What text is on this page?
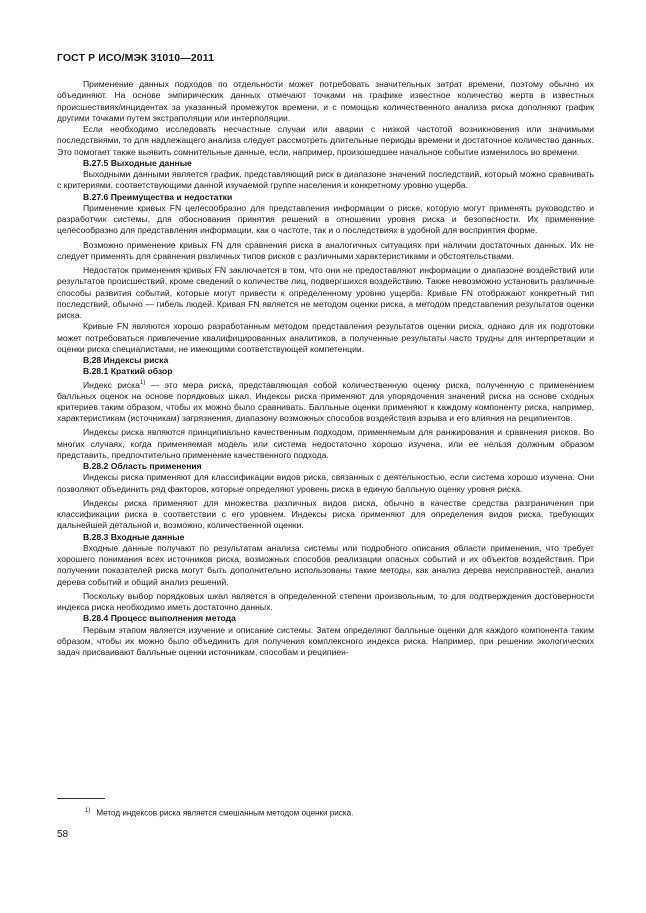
ГОСТ Р ИСО/МЭК 31010—2011

Применение данных подходов по отдельности может потребовать значительных затрат времени, поэтому обычно их объединяют. На основе эмпирических данных отмечают точками на графике известное количество жертв в известных происшествиях/инцидентах за указанный промежуток времени, и с помощью количественного анализа риска дополняют график другими точками путем экстраполяции или интерполяции.

Если необходимо исследовать несчастные случаи или аварии с низкой частотой возникновения или значимыми последствиями, то для надлежащего анализа следует рассмотреть длительные периоды времени и достаточное количество данных. Это помогает также выявить сомнительные данные, если, например, произошедшее начальное событие изменилось во времени.

В.27.5 Выходные данные

Выходными данными является график, представляющий риск в диапазоне значений последствий, который можно сравнивать с критериями, соответствующими данной изучаемой группе населения и конкретному уровню ущерба.

В.27.6 Преимущества и недостатки

Применение кривых FN целесообразно для представления информации о риске, которую могут применять руководство и разработчик системы, для обоснования принятия решений в отношении уровня риска и безопасности. Их применение целесообразно для представления информации, как о частоте, так и о последствиях в удобной для восприятия форме.

Возможно применение кривых FN для сравнения риска в аналогичных ситуациях при наличии достаточных данных. Их не следует применять для сравнения различных типов рисков с различными характеристиками и обстоятельствами.

Недостаток применения кривых FN заключается в том, что они не предоставляют информации о диапазоне воздействий или результатов происшествий, кроме сведений о количестве лиц, подвергшихся воздействию. Также невозможно установить различные способы развития событий, которые могут привести к определенному уровню ущерба. Кривые FN отображают конкретный тип последствий, обычно — гибель людей. Кривая FN является не методом оценки риска, а методом представления результатов оценки риска.

Кривые FN являются хорошо разработанным методом представления результатов оценки риска, однако для их подготовки может потребоваться привлечение квалифицированных аналитиков, а полученные результаты часто трудны для интерпретации и оценки риска специалистами, не имеющими соответствующей компетенции.

В.28 Индексы риска
В.28.1 Краткий обзор

Индекс риска$^{1)}$ — это мера риска, представляющая собой количественную оценку риска, полученную с применением балльных оценок на основе порядковых шкал. Индексы риска применяют для упорядочения значений риска на основе сходных критериев таким образом, чтобы их можно было сравнивать. Балльные оценки применяют к каждому компоненту риска, например, характеристикам (источникам) загрязнения, диапазону возможных способов воздействия взрыва и его влияния на реципиентов.

Индексы риска являются принципиально качественным подходом, применяемым для ранжирования и сравнения рисков. Во многих случаях, когда применяемая модель или система недостаточно хорошо изучена, или ее нельзя должным образом представить, предпочтительно применение качественного подхода.

В.28.2 Область применения

Индексы риска применяют для классификации видов риска, связанных с деятельностью, если система хорошо изучена. Они позволяют объединить ряд факторов, которые определяют уровень риска в единую балльную оценку уровня риска.

Индексы риска применяют для множества различных видов риска, обычно в качестве средства разграничения при классификации риска в соответствии с его уровнем. Индексы риска применяют для определения видов риска, требующих дальнейшей детальной и, возможно, количественной оценки.

В.28.3 Входные данные

Входные данные получают по результатам анализа системы или подробного описания области применения, что требует хорошего понимания всех источников риска, возможных способов реализации опасных событий и их объектов воздействия. При получении показателей риска могут быть дополнительно использованы такие методы, как анализ дерева неисправностей, анализ дерева событий и общий анализ решений.

Поскольку выбор порядковых шкал является в определенной степени произвольным, то для подтверждения достоверности индекса риска необходимо иметь достаточно данных.

В.28.4 Процесс выполнения метода

Первым этапом является изучение и описание системы. Затем определяют балльные оценки для каждого компонента таким образом, чтобы их можно было объединить для получения комплексного индекса риска. Например, при решении экологических задач присваивают балльные оценки источникам, способам и реципиен-

$^{1)}$ Метод индексов риска является смешанным методом оценки риска.
58
